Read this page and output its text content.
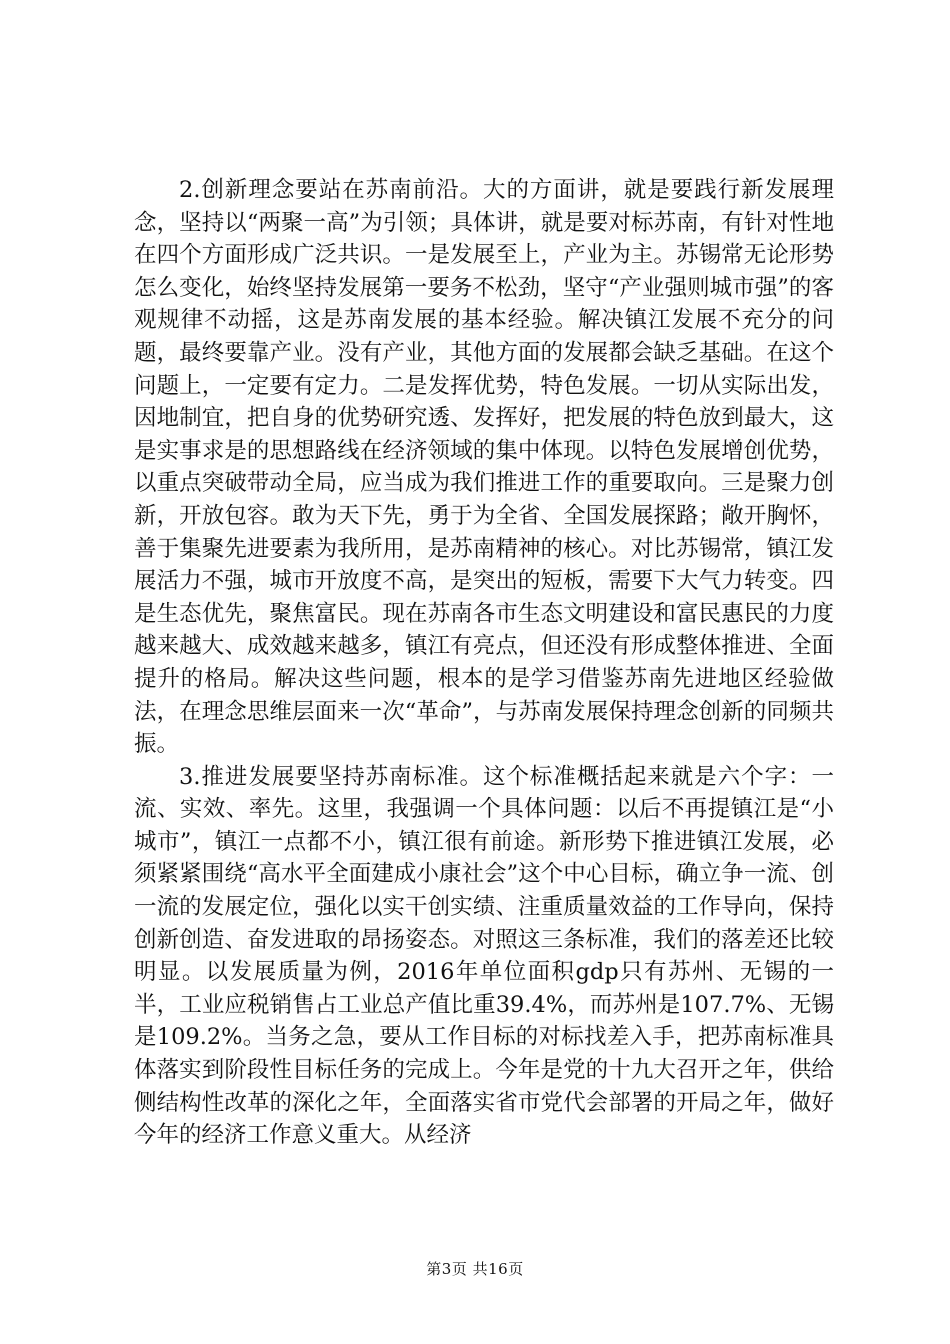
2.创新理念要站在苏南前沿。大的方面讲，就是要践行新发展理念，坚持以“两聚一高”为引领；具体讲，就是要对标苏南，有针对性地在四个方面形成广泛共识。一是发展至上，产业为主。苏锡常无论形势怎么变化，始终坚持发展第一要务不松劲，坚守“产业强则城市强”的客观规律不动摇，这是苏南发展的基本经验。解决镇江发展不充分的问题，最终要靠产业。没有产业，其他方面的发展都会缺乏基础。在这个问题上，一定要有定力。二是发挥优势，特色发展。一切从实际出发，因地制宜，把自身的优势研究透、发挥好，把发展的特色放到最大，这是实事求是的思想路线在经济领域的集中体现。以特色发展增创优势，以重点突破带动全局，应当成为我们推进工作的重要取向。三是聚力创新，开放包容。敢为天下先，勇于为全省、全国发展探路；敞开胸怀，善于集聚先进要素为我所用，是苏南精神的核心。对比苏锡常，镇江发展活力不强，城市开放度不高，是突出的短板，需要下大气力转变。四是生态优先，聚焦富民。现在苏南各市生态文明建设和富民惠民的力度越来越大、成效越来越多，镇江有亮点，但还没有形成整体推进、全面提升的格局。解决这些问题，根本的是学习借鉴苏南先进地区经验做法，在理念思维层面来一次“革命”，与苏南发展保持理念创新的同频共振。

3.推进发展要坚持苏南标准。这个标准概括起来就是六个字：一流、实效、率先。这里，我强调一个具体问题：以后不再提镇江是“小城市”，镇江一点都不小，镇江很有前途。新形势下推进镇江发展，必须紧紧围绕“高水平全面建成小康社会”这个中心目标，确立争一流、创一流的发展定位，强化以实干创实绩、注重质量效益的工作导向，保持创新创造、奋发进取的昂扬姿态。对照这三条标准，我们的落差还比较明显。以发展质量为例，2016年单位面积gdp只有苏州、无锡的一半，工业应税销售占工业总产值比重39.4%，而苏州是107.7%、无锡是109.2%。当务之急，要从工作目标的对标找差入手，把苏南标准具体落实到阶段性目标任务的完成上。今年是党的十九大召开之年，供给侧结构性改革的深化之年，全面落实省市党代会部署的开局之年，做好今年的经济工作意义重大。从经济

第3页 共16页
